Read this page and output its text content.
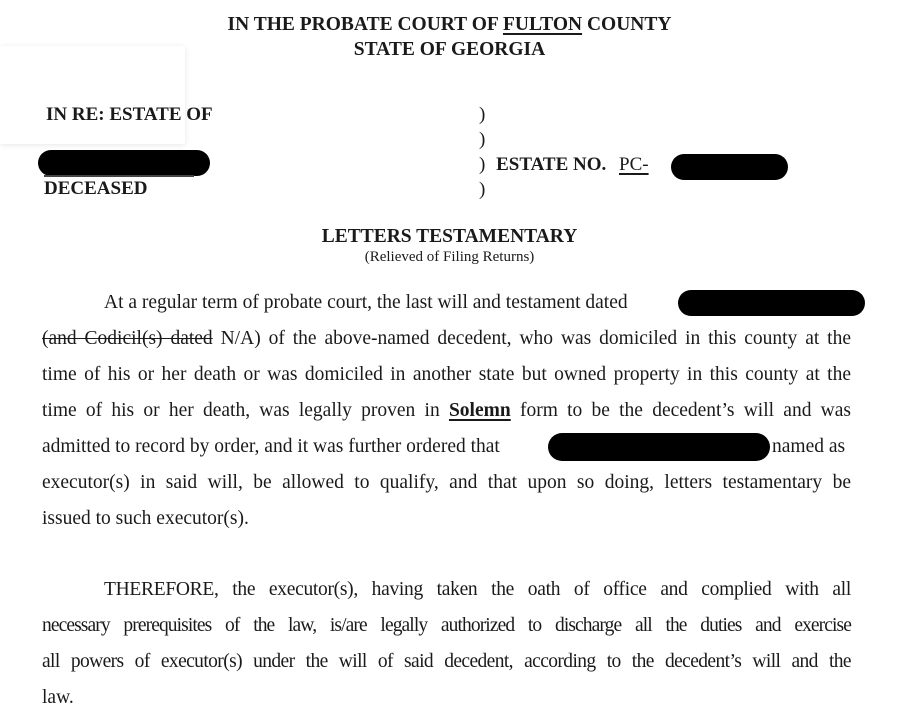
IN THE PROBATE COURT OF FULTON COUNTY
STATE OF GEORGIA
IN RE: ESTATE OF
DECEASED
)
)
) ESTATE NO. PC-
)
LETTERS TESTAMENTARY
(Relieved of Filing Returns)
At a regular term of probate court, the last will and testament dated
(and Codicil(s) dated N/A) of the above-named decedent, who was domiciled in this county at the
time of his or her death or was domiciled in another state but owned property in this county at the
time of his or her death, was legally proven in Solemn form to be the decedent’s will and was
admitted to record by order, and it was further ordered that	named as
executor(s) in said will, be allowed to qualify, and that upon so doing, letters testamentary be
issued to such executor(s).
THEREFORE, the executor(s), having taken the oath of office and complied with all
necessary prerequisites of the law, is/are legally authorized to discharge all the duties and exercise
all powers of executor(s) under the will of said decedent, according to the decedent’s will and the
law.
